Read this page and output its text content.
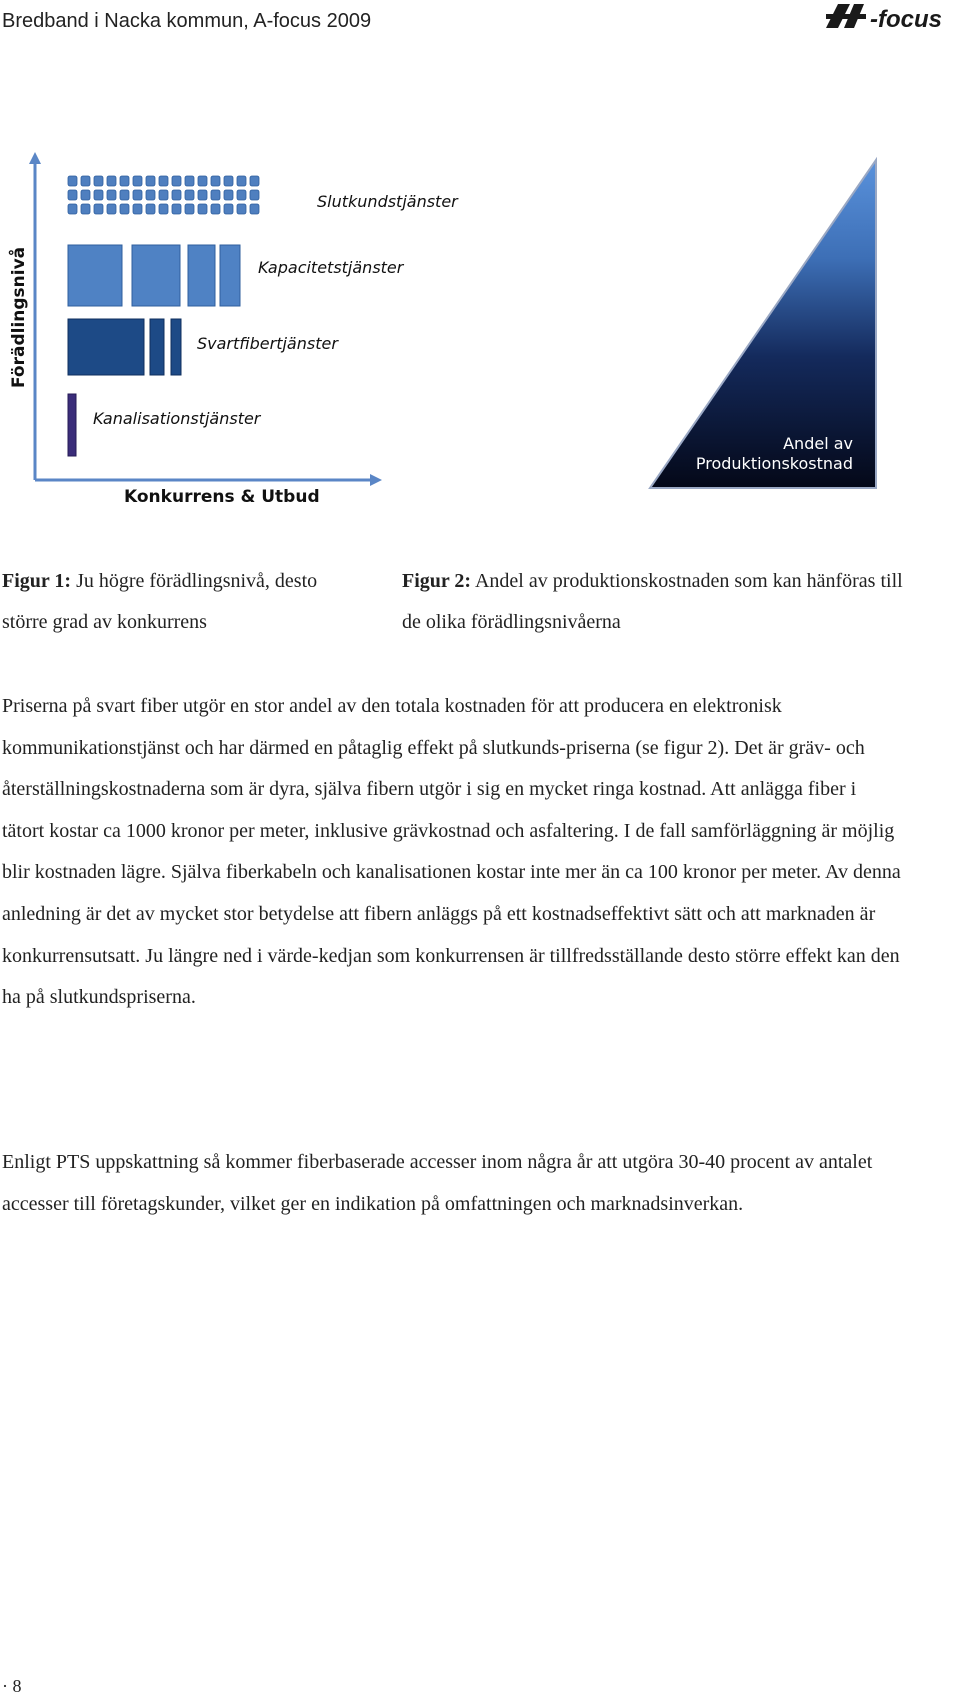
Bredband i Nacka kommun, A-focus 2009	-focus
Förädlingsnivå
Konkurrens & Utbud
Slutkundstjänster
Kapacitetstjänster
Svartfibertjänster
Kanalisationstjänster
Andel av
Produktionskostnad
Figur 1: Ju högre förädlingsnivå, desto större grad av konkurrens
Figur 2: Andel av produktionskostnaden som kan hänföras till de olika förädlingsnivåerna
Priserna på svart fiber utgör en stor andel av den totala kostnaden för att producera en elektronisk kommunikationstjänst och har därmed en påtaglig effekt på slutkunds-priserna (se figur 2). Det är gräv- och återställningskostnaderna som är dyra, själva fibern utgör i sig en mycket ringa kostnad. Att anlägga fiber i tätort kostar ca 1000 kronor per meter, inklusive grävkostnad och asfaltering. I de fall samförläggning är möjlig blir kostnaden lägre. Själva fiberkabeln och kanalisationen kostar inte mer än ca 100 kronor per meter. Av denna anledning är det av mycket stor betydelse att fibern anläggs på ett kostnadseffektivt sätt och att marknaden är konkurrensutsatt. Ju längre ned i värde-kedjan som konkurrensen är tillfredsställande desto större effekt kan den ha på slutkundspriserna.
Enligt PTS uppskattning så kommer fiberbaserade accesser inom några år att utgöra 30-40 procent av antalet accesser till företagskunder, vilket ger en indikation på omfattningen och marknadsinverkan.
· 8
